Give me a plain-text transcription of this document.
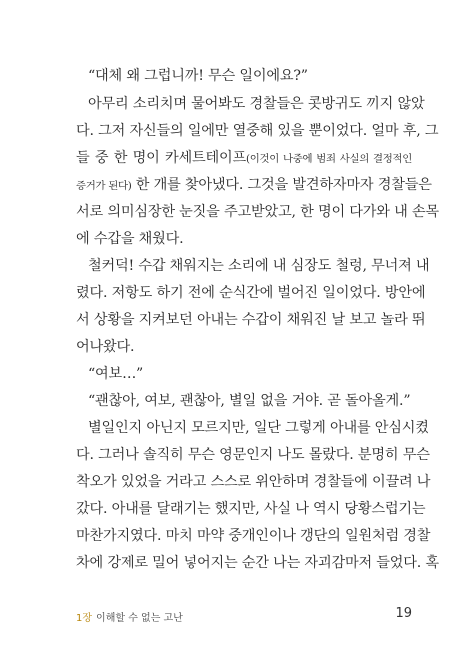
“대체 왜 그럽니까! 무슨 일이에요?”
아무리 소리치며 물어봐도 경찰들은 콧방귀도 끼지 않았
다. 그저 자신들의 일에만 열중해 있을 뿐이었다. 얼마 후, 그
들 중 한 명이 카세트테이프(이것이 나중에 범죄 사실의 결정적인
증거가 된다) 한 개를 찾아냈다. 그것을 발견하자마자 경찰들은
서로 의미심장한 눈짓을 주고받았고, 한 명이 다가와 내 손목
에 수갑을 채웠다.
철커덕! 수갑 채워지는 소리에 내 심장도 철렁, 무너져 내
렸다. 저항도 하기 전에 순식간에 벌어진 일이었다. 방안에
서 상황을 지켜보던 아내는 수갑이 채워진 날 보고 놀라 뛰
어나왔다.
“여보…”
“괜찮아, 여보, 괜찮아, 별일 없을 거야. 곧 돌아올게.”
별일인지 아닌지 모르지만, 일단 그렇게 아내를 안심시켰
다. 그러나 솔직히 무슨 영문인지 나도 몰랐다. 분명히 무슨
착오가 있었을 거라고 스스로 위안하며 경찰들에 이끌려 나
갔다. 아내를 달래기는 했지만, 사실 나 역시 당황스럽기는
마찬가지였다. 마치 마약 중개인이나 갱단의 일원처럼 경찰
차에 강제로 밀어 넣어지는 순간 나는 자괴감마저 들었다. 혹
1장 이해할 수 없는 고난	19
